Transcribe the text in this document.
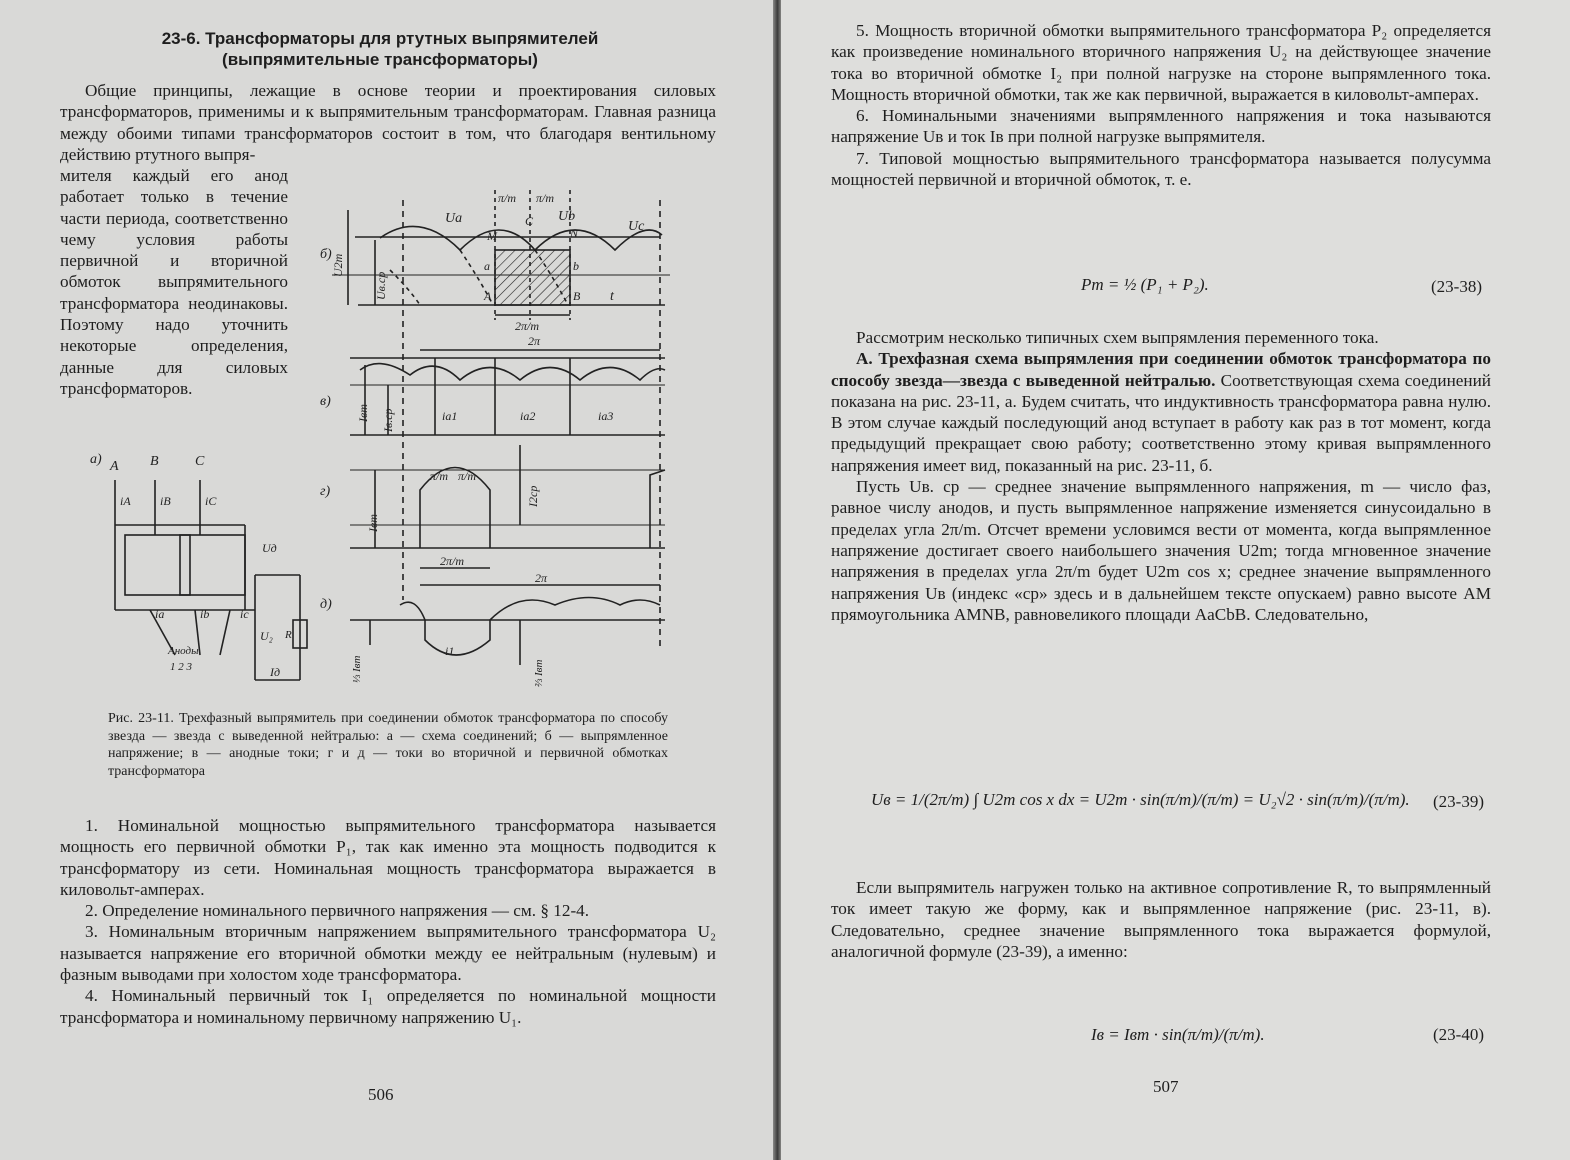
23-6. Трансформаторы для ртутных выпрямителей
(выпрямительные трансформаторы)

Общие принципы, лежащие в основе теории и проектирования силовых трансформаторов, применимы и к выпрямительным трансформаторам. Главная разница между обоими типами трансформаторов состоит в том, что благодаря вентильному действию ртутного выпря-

мителя каждый его анод работает только в течение части периода, соответственно чему условия работы первичной и вторичной обмоток выпрямительного трансформатора неодинаковы. Поэтому надо уточнить некоторые определения, данные для силовых трансформаторов.

б)
в)
г)
д)
а) A B	C
iA iB	iC
ia	ib	ic
Аноды
1 2 3
U₂ R
Iд
Uд
Ua	Ub
Uc
U2m
Uв.ср
π/m π/m
2π/m
2π
t
a	b
A	B
N
C
M
Iвm Iв.ср	ia1	ia2	ia3
Iвm
I2ср
π/m π/m
2π/m
2π
⅓ Iвm	⅔ Iвm
i1
Рис. 23-11. Трехфазный выпрямитель при соединении обмоток трансформатора по способу звезда — звезда с выведенной нейтралью: а — схема соединений; б — выпрямленное напряжение; в — анодные токи; г и д — токи во вторичной и первичной обмотках трансформатора

1. Номинальной мощностью выпрямительного трансформатора называется мощность его первичной обмотки P₁, так как именно эта мощность подводится к трансформатору из сети. Номинальная мощность трансформатора выражается в киловольт-амперах.

2. Определение номинального первичного напряжения — см. § 12-4.

3. Номинальным вторичным напряжением выпрямительного трансформатора U₂ называется напряжение его вторичной обмотки между ее нейтральным (нулевым) и фазным выводами при холостом ходе трансформатора.

4. Номинальный первичный ток I₁ определяется по номинальной мощности трансформатора и номинальному первичному напряжению U₁.

506

5. Мощность вторичной обмотки выпрямительного трансформатора P₂ определяется как произведение номинального вторичного напряжения U₂ на действующее значение тока во вторичной обмотке I₂ при полной нагрузке на стороне выпрямленного тока. Мощность вторичной обмотки, так же как первичной, выражается в киловольт-амперах.

6. Номинальными значениями выпрямленного напряжения и тока называются напряжение Uв и ток Iв при полной нагрузке выпрямителя.

7. Типовой мощностью выпрямительного трансформатора называется полусумма мощностей первичной и вторичной обмоток, т. е.

Pт = ½ (P₁ + P₂).	(23-38)

Рассмотрим несколько типичных схем выпрямления переменного тока.

А. Трехфазная схема выпрямления при соединении обмоток трансформатора по способу звезда—звезда с выведенной нейтралью. Соответствующая схема соединений показана на рис. 23-11, а. Будем считать, что индуктивность трансформатора равна нулю. В этом случае каждый последующий анод вступает в работу как раз в тот момент, когда предыдущий прекращает свою работу; соответственно этому кривая выпрямленного напряжения имеет вид, показанный на рис. 23-11, б.

Пусть Uв. ср — среднее значение выпрямленного напряжения, m — число фаз, равное числу анодов, и пусть выпрямленное напряжение изменяется синусоидально в пределах угла 2π/m. Отсчет времени условимся вести от момента, когда выпрямленное напряжение достигает своего наибольшего значения U2m; тогда мгновенное значение напряжения в пределах угла 2π/m будет U2m cos x; среднее значение выпрямленного напряжения Uв (индекс «ср» здесь и в дальнейшем тексте опускаем) равно высоте AM прямоугольника AMNB, равновеликого площади AaCbB. Следовательно,

Uв = 1/(2π/m) ∫ U2m cos x dx = U2m · sin(π/m)/(π/m) = U₂√2 · sin(π/m)/(π/m). (23-39)

Если выпрямитель нагружен только на активное сопротивление R, то выпрямленный ток имеет такую же форму, как и выпрямленное напряжение (рис. 23-11, в). Следовательно, среднее значение выпрямленного тока выражается формулой, аналогичной формуле (23-39), а именно:

Iв = Iвm · sin(π/m)/(π/m).	(23-40)
507
